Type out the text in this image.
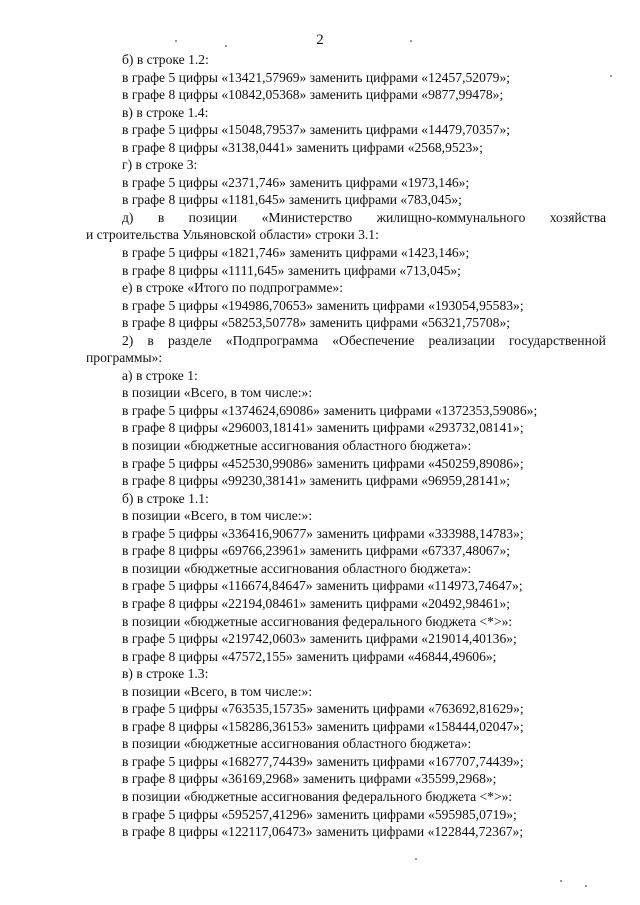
2
б) в строке 1.2:
в графе 5 цифры «13421,57969» заменить цифрами «12457,52079»;
в графе 8 цифры «10842,05368» заменить цифрами «9877,99478»;
в) в строке 1.4:
в графе 5 цифры «15048,79537» заменить цифрами «14479,70357»;
в графе 8 цифры «3138,0441» заменить цифрами «2568,9523»;
г) в строке 3:
в графе 5 цифры «2371,746» заменить цифрами «1973,146»;
в графе 8 цифры «1181,645» заменить цифрами «783,045»;
д) в позиции «Министерство жилищно-коммунального хозяйства
и строительства Ульяновской области» строки 3.1:
в графе 5 цифры «1821,746» заменить цифрами «1423,146»;
в графе 8 цифры «1111,645» заменить цифрами «713,045»;
е) в строке «Итого по подпрограмме»:
в графе 5 цифры «194986,70653» заменить цифрами «193054,95583»;
в графе 8 цифры «58253,50778» заменить цифрами «56321,75708»;
2) в разделе «Подпрограмма «Обеспечение реализации государственной
программы»:
а) в строке 1:
в позиции «Всего, в том числе:»:
в графе 5 цифры «1374624,69086» заменить цифрами «1372353,59086»;
в графе 8 цифры «296003,18141» заменить цифрами «293732,08141»;
в позиции «бюджетные ассигнования областного бюджета»:
в графе 5 цифры «452530,99086» заменить цифрами «450259,89086»;
в графе 8 цифры «99230,38141» заменить цифрами «96959,28141»;
б) в строке 1.1:
в позиции «Всего, в том числе:»:
в графе 5 цифры «336416,90677» заменить цифрами «333988,14783»;
в графе 8 цифры «69766,23961» заменить цифрами «67337,48067»;
в позиции «бюджетные ассигнования областного бюджета»:
в графе 5 цифры «116674,84647» заменить цифрами «114973,74647»;
в графе 8 цифры «22194,08461» заменить цифрами «20492,98461»;
в позиции «бюджетные ассигнования федерального бюджета <*>»:
в графе 5 цифры «219742,0603» заменить цифрами «219014,40136»;
в графе 8 цифры «47572,155» заменить цифрами «46844,49606»;
в) в строке 1.3:
в позиции «Всего, в том числе:»:
в графе 5 цифры «763535,15735» заменить цифрами «763692,81629»;
в графе 8 цифры «158286,36153» заменить цифрами «158444,02047»;
в позиции «бюджетные ассигнования областного бюджета»:
в графе 5 цифры «168277,74439» заменить цифрами «167707,74439»;
в графе 8 цифры «36169,2968» заменить цифрами «35599,2968»;
в позиции «бюджетные ассигнования федерального бюджета <*>»:
в графе 5 цифры «595257,41296» заменить цифрами «595985,0719»;
в графе 8 цифры «122117,06473» заменить цифрами «122844,72367»;
